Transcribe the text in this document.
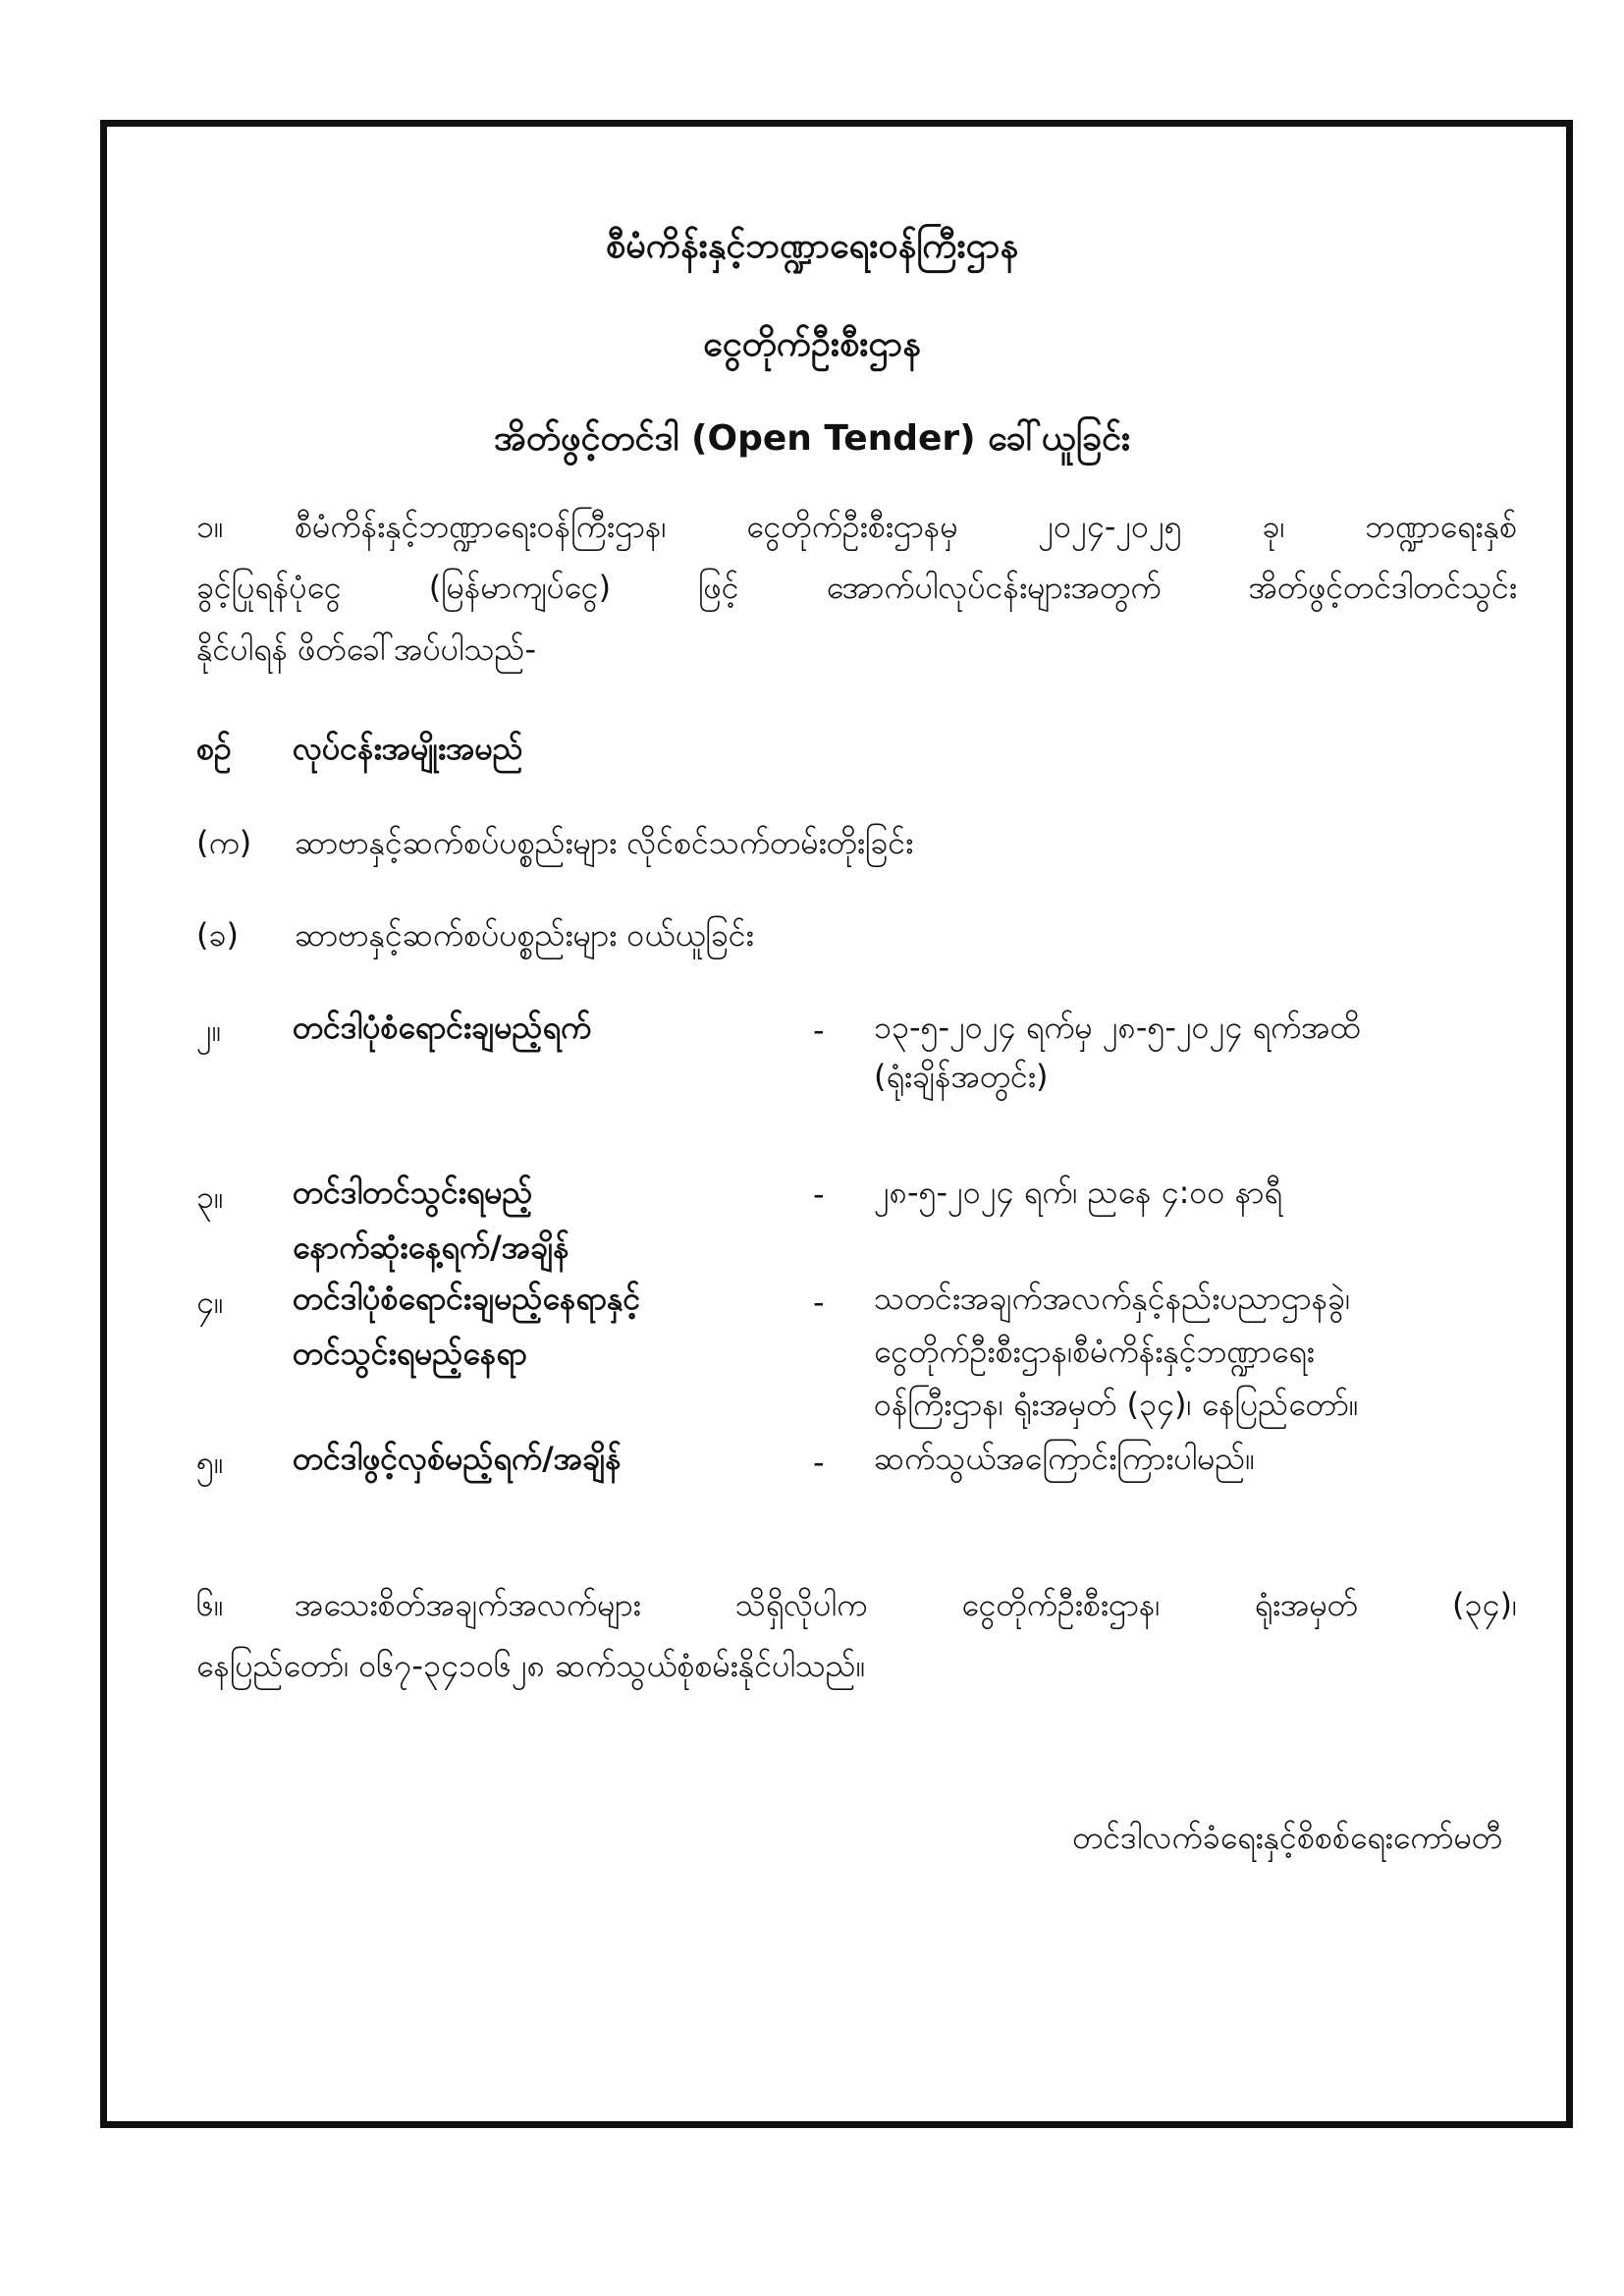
စီမံကိန်းနှင့်ဘဏ္ဍာရေးဝန်ကြီးဌာန
ငွေတိုက်ဦးစီးဌာန
အိတ်ဖွင့်တင်ဒါ (Open Tender) ခေါ်ယူခြင်း
၁။ စီမံကိန်းနှင့်ဘဏ္ဍာရေးဝန်ကြီးဌာန၊ ငွေတိုက်ဦးစီးဌာနမှ ၂၀၂၄-၂၀၂၅ ခု၊ ဘဏ္ဍာရေးနှစ်
ခွင့်ပြုရန်ပုံငွေ (မြန်မာကျပ်ငွေ) ဖြင့် အောက်ပါလုပ်ငန်းများအတွက် အိတ်ဖွင့်တင်ဒါတင်သွင်း
နိုင်ပါရန် ဖိတ်ခေါ်အပ်ပါသည်-
စဉ် လုပ်ငန်းအမျိုးအမည်
(က) ဆာဗာနှင့်ဆက်စပ်ပစ္စည်းများ လိုင်စင်သက်တမ်းတိုးခြင်း
(ခ) ဆာဗာနှင့်ဆက်စပ်ပစ္စည်းများ ဝယ်ယူခြင်း
၂။ တင်ဒါပုံစံရောင်းချမည့်ရက်	- ၁၃-၅-၂၀၂၄ ရက်မှ ၂၈-၅-၂၀၂၄ ရက်အထိ
(ရုံးချိန်အတွင်း)
၃။ တင်ဒါတင်သွင်းရမည့်
နောက်ဆုံးနေ့ရက်/အချိန်
- ၂၈-၅-၂၀၂၄ ရက်၊ ညနေ ၄:၀၀ နာရီ
၄။ တင်ဒါပုံစံရောင်းချမည့်နေရာနှင့်
တင်သွင်းရမည့်နေရာ
- သတင်းအချက်အလက်နှင့်နည်းပညာဌာနခွဲ၊
ငွေတိုက်ဦးစီးဌာန၊စီမံကိန်းနှင့်ဘဏ္ဍာရေး
ဝန်ကြီးဌာန၊ ရုံးအမှတ် (၃၄)၊ နေပြည်တော်။
၅။ တင်ဒါဖွင့်လှစ်မည့်ရက်/အချိန်	- ဆက်သွယ်အကြောင်းကြားပါမည်။
၆။ အသေးစိတ်အချက်အလက်များ သိရှိလိုပါက ငွေတိုက်ဦးစီးဌာန၊ ရုံးအမှတ် (၃၄)၊
နေပြည်တော်၊ ၀၆၇-၃၄၁၀၆၂၈ ဆက်သွယ်စုံစမ်းနိုင်ပါသည်။
တင်ဒါလက်ခံရေးနှင့်စိစစ်ရေးကော်မတီ
